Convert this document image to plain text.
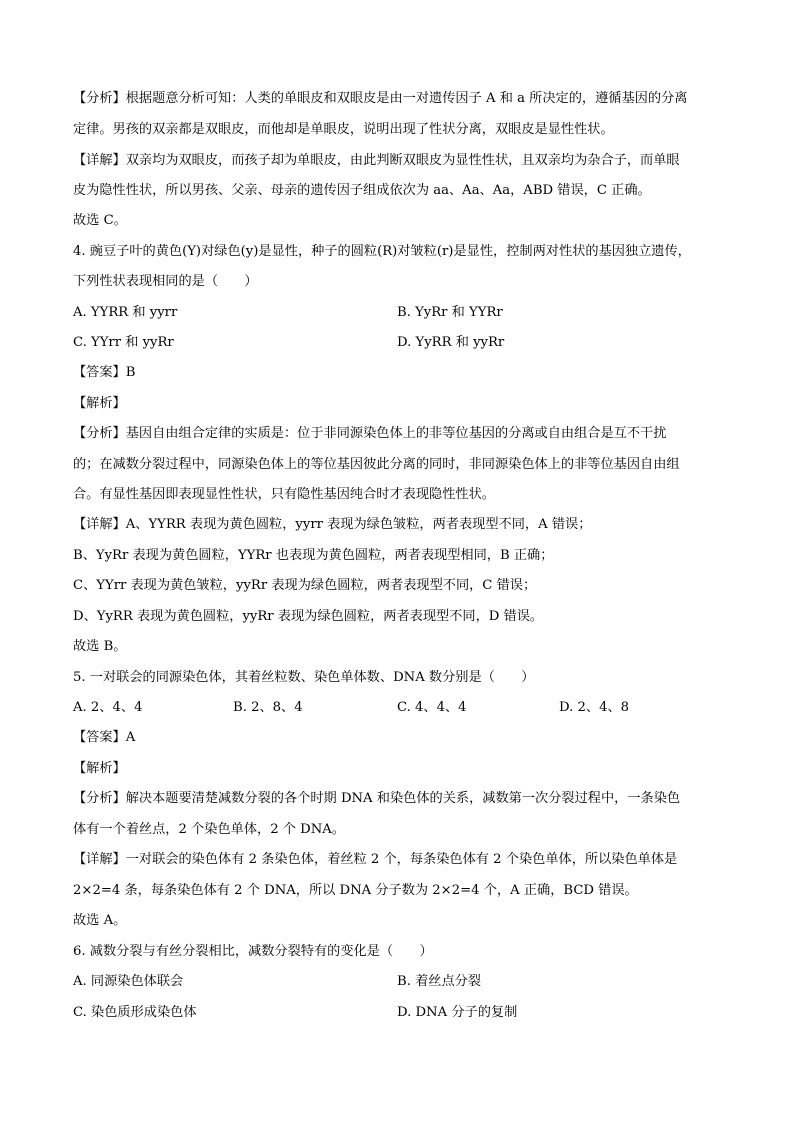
【分析】根据题意分析可知：人类的单眼皮和双眼皮是由一对遗传因子 A 和 a 所决定的，遵循基因的分离
定律。男孩的双亲都是双眼皮，而他却是单眼皮，说明出现了性状分离，双眼皮是显性性状。
【详解】双亲均为双眼皮，而孩子却为单眼皮，由此判断双眼皮为显性性状，且双亲均为杂合子，而单眼
皮为隐性性状，所以男孩、父亲、母亲的遗传因子组成依次为 aa、Aa、Aa，ABD 错误，C 正确。
故选 C。
4. 豌豆子叶的黄色(Y)对绿色(y)是显性，种子的圆粒(R)对皱粒(r)是显性，控制两对性状的基因独立遗传，
下列性状表现相同的是（　　）
A. YYRR 和 yyrr	B. YyRr 和 YYRr
C. YYrr 和 yyRr	D. YyRR 和 yyRr
【答案】B
【解析】
【分析】基因自由组合定律的实质是：位于非同源染色体上的非等位基因的分离或自由组合是互不干扰
的；在减数分裂过程中，同源染色体上的等位基因彼此分离的同时，非同源染色体上的非等位基因自由组
合。有显性基因即表现显性性状，只有隐性基因纯合时才表现隐性性状。
【详解】A、YYRR 表现为黄色圆粒，yyrr 表现为绿色皱粒，两者表现型不同，A 错误；
B、YyRr 表现为黄色圆粒，YYRr 也表现为黄色圆粒，两者表现型相同，B 正确；
C、YYrr 表现为黄色皱粒，yyRr 表现为绿色圆粒，两者表现型不同，C 错误；
D、YyRR 表现为黄色圆粒，yyRr 表现为绿色圆粒，两者表现型不同，D 错误。
故选 B。
5. 一对联会的同源染色体，其着丝粒数、染色单体数、DNA 数分别是（　　）
A. 2、4、4	B. 2、8、4	C. 4、4、4	D. 2、4、8
【答案】A
【解析】
【分析】解决本题要清楚减数分裂的各个时期 DNA 和染色体的关系，减数第一次分裂过程中，一条染色
体有一个着丝点，2 个染色单体，2 个 DNA。
【详解】一对联会的染色体有 2 条染色体，着丝粒 2 个，每条染色体有 2 个染色单体，所以染色单体是
2×2=4 条，每条染色体有 2 个 DNA，所以 DNA 分子数为 2×2=4 个，A 正确，BCD 错误。
故选 A。
6. 减数分裂与有丝分裂相比，减数分裂特有的变化是（　　）
A. 同源染色体联会	B. 着丝点分裂
C. 染色质形成染色体	D. DNA 分子的复制
